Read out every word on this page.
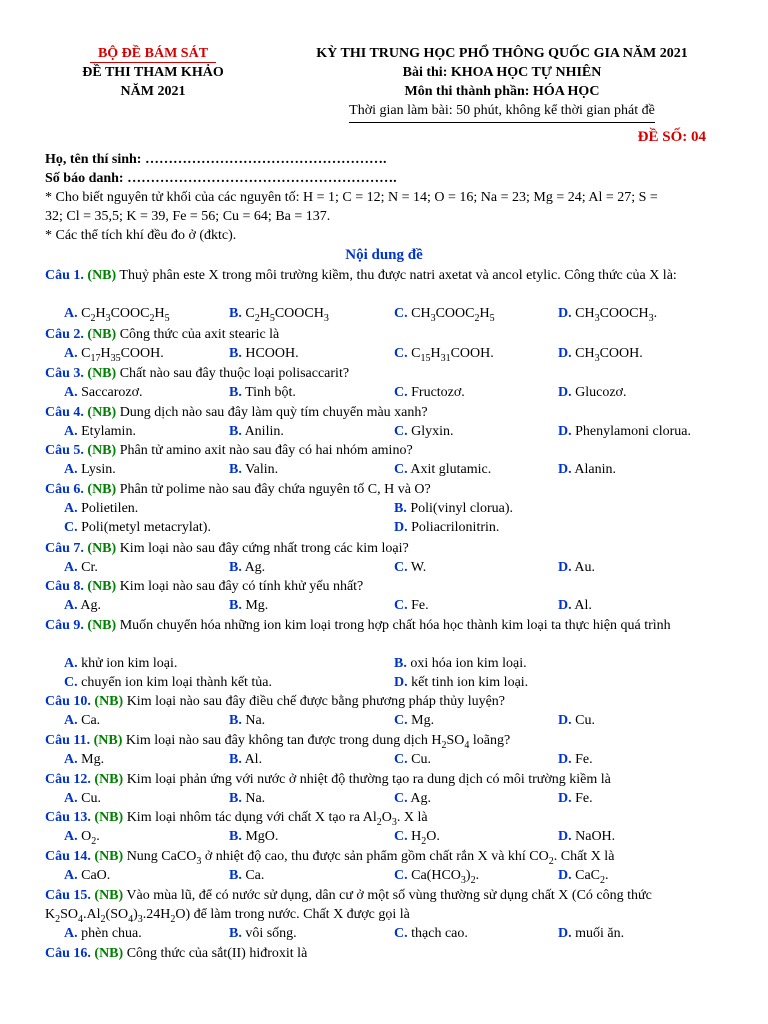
BỘ ĐỀ BÁM SÁT
ĐỀ THI THAM KHẢO
NĂM 2021
KỲ THI TRUNG HỌC PHỔ THÔNG QUỐC GIA NĂM 2021
Bài thi: KHOA HỌC TỰ NHIÊN
Môn thi thành phần: HÓA HỌC
Thời gian làm bài: 50 phút, không kể thời gian phát đề
ĐỀ SỐ: 04
Họ, tên thí sinh: …………………………………………….
Số báo danh: ………………………………………………….
* Cho biết nguyên tử khối của các nguyên tố: H = 1; C = 12; N = 14; O = 16; Na = 23; Mg = 24; Al = 27; S =
32; Cl = 35,5; K = 39, Fe = 56; Cu = 64; Ba = 137.
* Các thể tích khí đều đo ở (đktc).
Nội dung đề
Câu 1. (NB) Thuỷ phân este X trong môi trường kiềm, thu được natri axetat và ancol etylic. Công thức của X là:
A. $C_2H_3COOC_2H_5$	B. $C_2H_5COOCH_3$	C. $CH_3COOC_2H_5$	D. $CH_3COOCH_3$.
Câu 2. (NB) Công thức của axit stearic là
A. $C_{17}H_{35}COOH$.	B. HCOOH.	C. $C_{15}H_{31}COOH$.	D. $CH_3COOH$.
Câu 3. (NB) Chất nào sau đây thuộc loại polisaccarit?
A. Saccarozơ.	B. Tinh bột.	C. Fructozơ.	D. Glucozơ.
Câu 4. (NB) Dung dịch nào sau đây làm quỳ tím chuyển màu xanh?
A. Etylamin.	B. Anilin.	C. Glyxin.	D. Phenylamoni clorua.
Câu 5. (NB) Phân tử amino axit nào sau đây có hai nhóm amino?
A. Lysin.	B. Valin.	C. Axit glutamic.	D. Alanin.
Câu 6. (NB) Phân tử polime nào sau đây chứa nguyên tố C, H và O?
A. Polietilen.	B. Poli(vinyl clorua).
C. Poli(metyl metacrylat).	D. Poliacrilonitrin.
Câu 7. (NB) Kim loại nào sau đây cứng nhất trong các kim loại?
A. Cr.	B. Ag.	C. W.	D. Au.
Câu 8. (NB) Kim loại nào sau đây có tính khử yếu nhất?
A. Ag.	B. Mg.	C. Fe.	D. Al.
Câu 9. (NB) Muốn chuyển hóa những ion kim loại trong hợp chất hóa học thành kim loại ta thực hiện quá trình
A. khử ion kim loại.	B. oxi hóa ion kim loại.
C. chuyển ion kim loại thành kết tủa.	D. kết tinh ion kim loại.
Câu 10. (NB) Kim loại nào sau đây điều chế được bằng phương pháp thủy luyện?
A. Ca.	B. Na.	C. Mg.	D. Cu.
Câu 11. (NB) Kim loại nào sau đây không tan được trong dung dịch $H_2SO_4$ loãng?
A. Mg.	B. Al.	C. Cu.	D. Fe.
Câu 12. (NB) Kim loại phản ứng với nước ở nhiệt độ thường tạo ra dung dịch có môi trường kiềm là
A. Cu.	B. Na.	C. Ag.	D. Fe.
Câu 13. (NB) Kim loại nhôm tác dụng với chất X tạo ra $Al_2O_3$. X là
A. $O_2$.	B. MgO.	C. $H_2O$.	D. NaOH.
Câu 14. (NB) Nung CaCO$_3$ ở nhiệt độ cao, thu được sản phẩm gồm chất rắn X và khí $CO_2$. Chất X là
A. CaO.	B. Ca.	C. $Ca(HCO_3)_2$.	D. CaC$_2$.
Câu 15. (NB) Vào mùa lũ, để có nước sử dụng, dân cư ở một số vùng thường sử dụng chất X (Có công thức $K_2SO_4.Al_2(SO_4)_3.24H_2O$) để làm trong nước. Chất X được gọi là
A. phèn chua.	B. vôi sống.	C. thạch cao.	D. muối ăn.
Câu 16. (NB) Công thức của sắt(II) hiđroxit là
